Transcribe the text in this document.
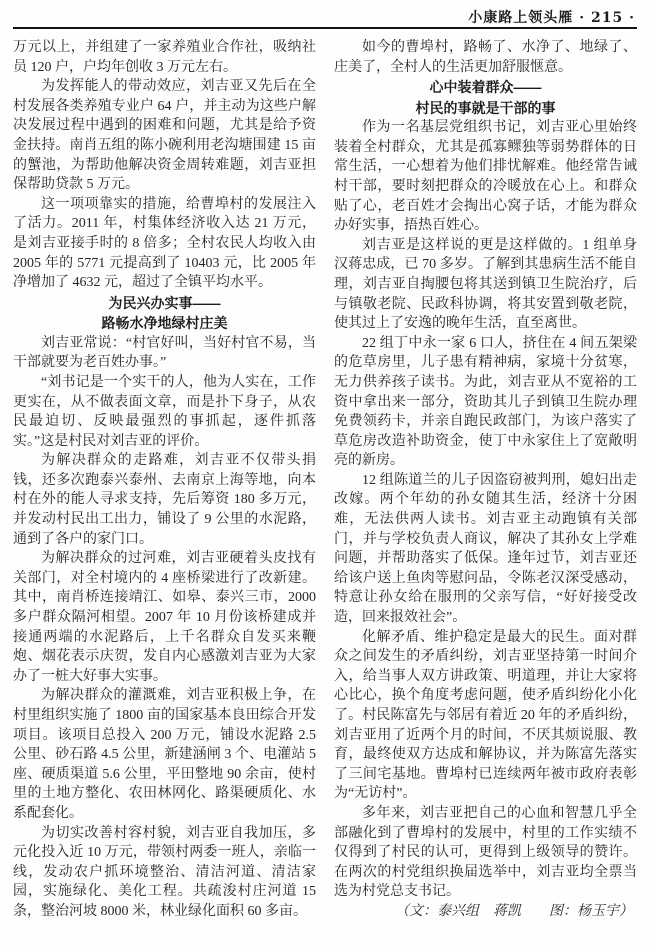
小康路上领头雁 · 215 ·

万元以上，并组建了一家养殖业合作社，吸纳社员 120 户，户均年创收 3 万元左右。

为发挥能人的带动效应，刘吉亚又先后在全村发展各类养殖专业户 64 户，并主动为这些户解决发展过程中遇到的困难和问题，尤其是给予资金扶持。南肖五组的陈小碗利用老沟塘围建 15 亩的蟹池，为帮助他解决资金周转难题，刘吉亚担保帮助贷款 5 万元。

这一项项靠实的措施，给曹埠村的发展注入了活力。2011 年，村集体经济收入达 21 万元，是刘吉亚接手时的 8 倍多；全村农民人均收入由 2005 年的 5771 元提高到了 10403 元，比 2005 年净增加了 4632 元，超过了全镇平均水平。

为民兴办实事——
路畅水净地绿村庄美

刘吉亚常说：“村官好叫，当好村官不易，当干部就要为老百姓办事。”

“刘书记是一个实干的人，他为人实在，工作更实在，从不做表面文章，而是扑下身子，从农民最迫切、反映最强烈的事抓起，逐件抓落实。”这是村民对刘吉亚的评价。

为解决群众的走路难，刘吉亚不仅带头捐钱，还多次跑泰兴泰州、去南京上海等地，向本村在外的能人寻求支持，先后筹资 180 多万元，并发动村民出工出力，铺设了 9 公里的水泥路，通到了各户的家门口。

为解决群众的过河难，刘吉亚硬着头皮找有关部门，对全村境内的 4 座桥梁进行了改新建。其中，南肖桥连接靖江、如皋、泰兴三市，2000 多户群众隔河相望。2007 年 10 月份该桥建成并接通两端的水泥路后，上千名群众自发买来鞭炮、烟花表示庆贺，发自内心感激刘吉亚为大家办了一桩大好事大实事。

为解决群众的灌溉难，刘吉亚积极上争，在村里组织实施了 1800 亩的国家基本良田综合开发项目。该项目总投入 200 万元，铺设水泥路 2.5 公里、砂石路 4.5 公里，新建涵闸 3 个、电灌站 5 座、硬质渠道 5.6 公里，平田整地 90 余亩，使村里的土地方整化、农田林网化、路渠硬质化、水系配套化。

为切实改善村容村貌，刘吉亚自我加压，多元化投入近 10 万元，带领村两委一班人，亲临一线，发动农户抓环境整治、清洁河道、清洁家园，实施绿化、美化工程。共疏浚村庄河道 15 条，整治河坡 8000 米，林业绿化面积 60 多亩。

如今的曹埠村，路畅了、水净了、地绿了、庄美了，全村人的生活更加舒服惬意。

心中装着群众——
村民的事就是干部的事

作为一名基层党组织书记，刘吉亚心里始终装着全村群众，尤其是孤寡鳏独等弱势群体的日常生活，一心想着为他们排忧解难。他经常告诫村干部，要时刻把群众的冷暖放在心上。和群众贴了心，老百姓才会掏出心窝子话，才能为群众办好实事，捂热百姓心。

刘吉亚是这样说的更是这样做的。1 组单身汉蒋忠成，已 70 多岁。了解到其患病生活不能自理，刘吉亚自掏腰包将其送到镇卫生院治疗，后与镇敬老院、民政科协调，将其安置到敬老院，使其过上了安逸的晚年生活，直至离世。

22 组丁中永一家 6 口人，挤住在 4 间五架梁的危草房里，儿子患有精神病，家境十分贫寒，无力供养孩子读书。为此，刘吉亚从不宽裕的工资中拿出来一部分，资助其儿子到镇卫生院办理免费领药卡，并亲自跑民政部门，为该户落实了草危房改造补助资金，使丁中永家住上了宽敞明亮的新房。

12 组陈道兰的儿子因盗窃被判刑，媳妇出走改嫁。两个年幼的孙女随其生活，经济十分困难，无法供两人读书。刘吉亚主动跑镇有关部门，并与学校负责人商议，解决了其孙女上学难问题，并帮助落实了低保。逢年过节，刘吉亚还给该户送上鱼肉等慰问品，令陈老汉深受感动，特意让孙女给在服刑的父亲写信，“好好接受改造，回来报效社会”。

化解矛盾、维护稳定是最大的民生。面对群众之间发生的矛盾纠纷，刘吉亚坚持第一时间介入，给当事人双方讲政策、明道理，并让大家将心比心，换个角度考虑问题，使矛盾纠纷化小化了。村民陈富先与邻居有着近 20 年的矛盾纠纷，刘吉亚用了近两个月的时间，不厌其烦说服、教育，最终使双方达成和解协议，并为陈富先落实了三间宅基地。曹埠村已连续两年被市政府表彰为“无访村”。

多年来，刘吉亚把自己的心血和智慧几乎全部融化到了曹埠村的发展中，村里的工作实绩不仅得到了村民的认可，更得到上级领导的赞许。在两次的村党组织换届选举中，刘吉亚均全票当选为村党总支书记。

（文：泰兴组　蒋凯　　图：杨玉宇）
